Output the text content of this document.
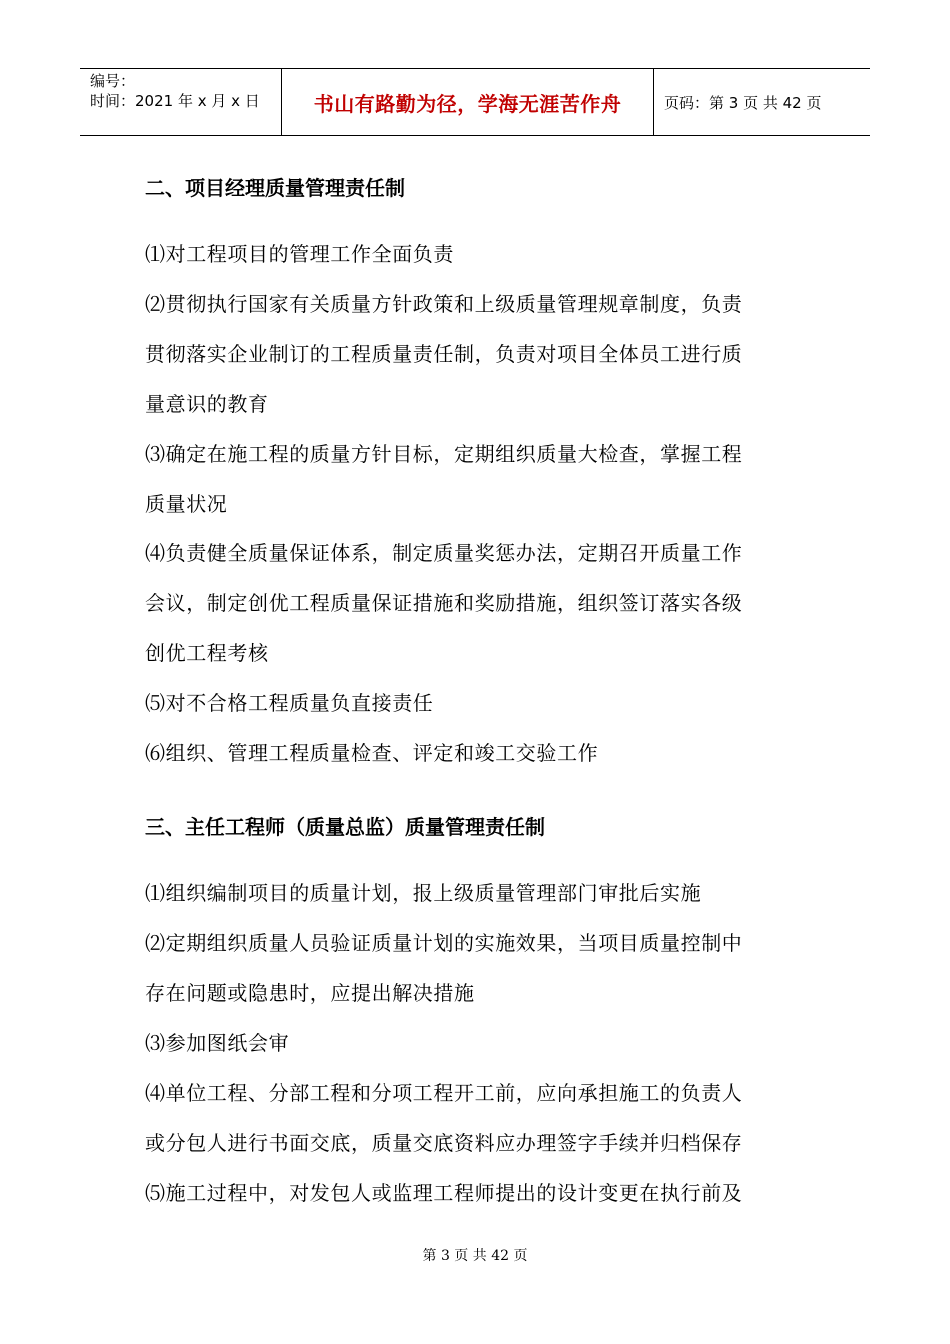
编号：
时间：2021 年 x 月 x 日	书山有路勤为径，学海无涯苦作舟	页码：第 3 页 共 42 页
二、项目经理质量管理责任制
⑴对工程项目的管理工作全面负责
⑵贯彻执行国家有关质量方针政策和上级质量管理规章制度，负责
贯彻落实企业制订的工程质量责任制，负责对项目全体员工进行质
量意识的教育
⑶确定在施工程的质量方针目标，定期组织质量大检查，掌握工程
质量状况
⑷负责健全质量保证体系，制定质量奖惩办法，定期召开质量工作
会议，制定创优工程质量保证措施和奖励措施，组织签订落实各级
创优工程考核
⑸对不合格工程质量负直接责任
⑹组织、管理工程质量检查、评定和竣工交验工作
三、主任工程师（质量总监）质量管理责任制
⑴组织编制项目的质量计划，报上级质量管理部门审批后实施
⑵定期组织质量人员验证质量计划的实施效果，当项目质量控制中
存在问题或隐患时，应提出解决措施
⑶参加图纸会审
⑷单位工程、分部工程和分项工程开工前，应向承担施工的负责人
或分包人进行书面交底，质量交底资料应办理签字手续并归档保存
⑸施工过程中，对发包人或监理工程师提出的设计变更在执行前及
第 3 页 共 42 页
